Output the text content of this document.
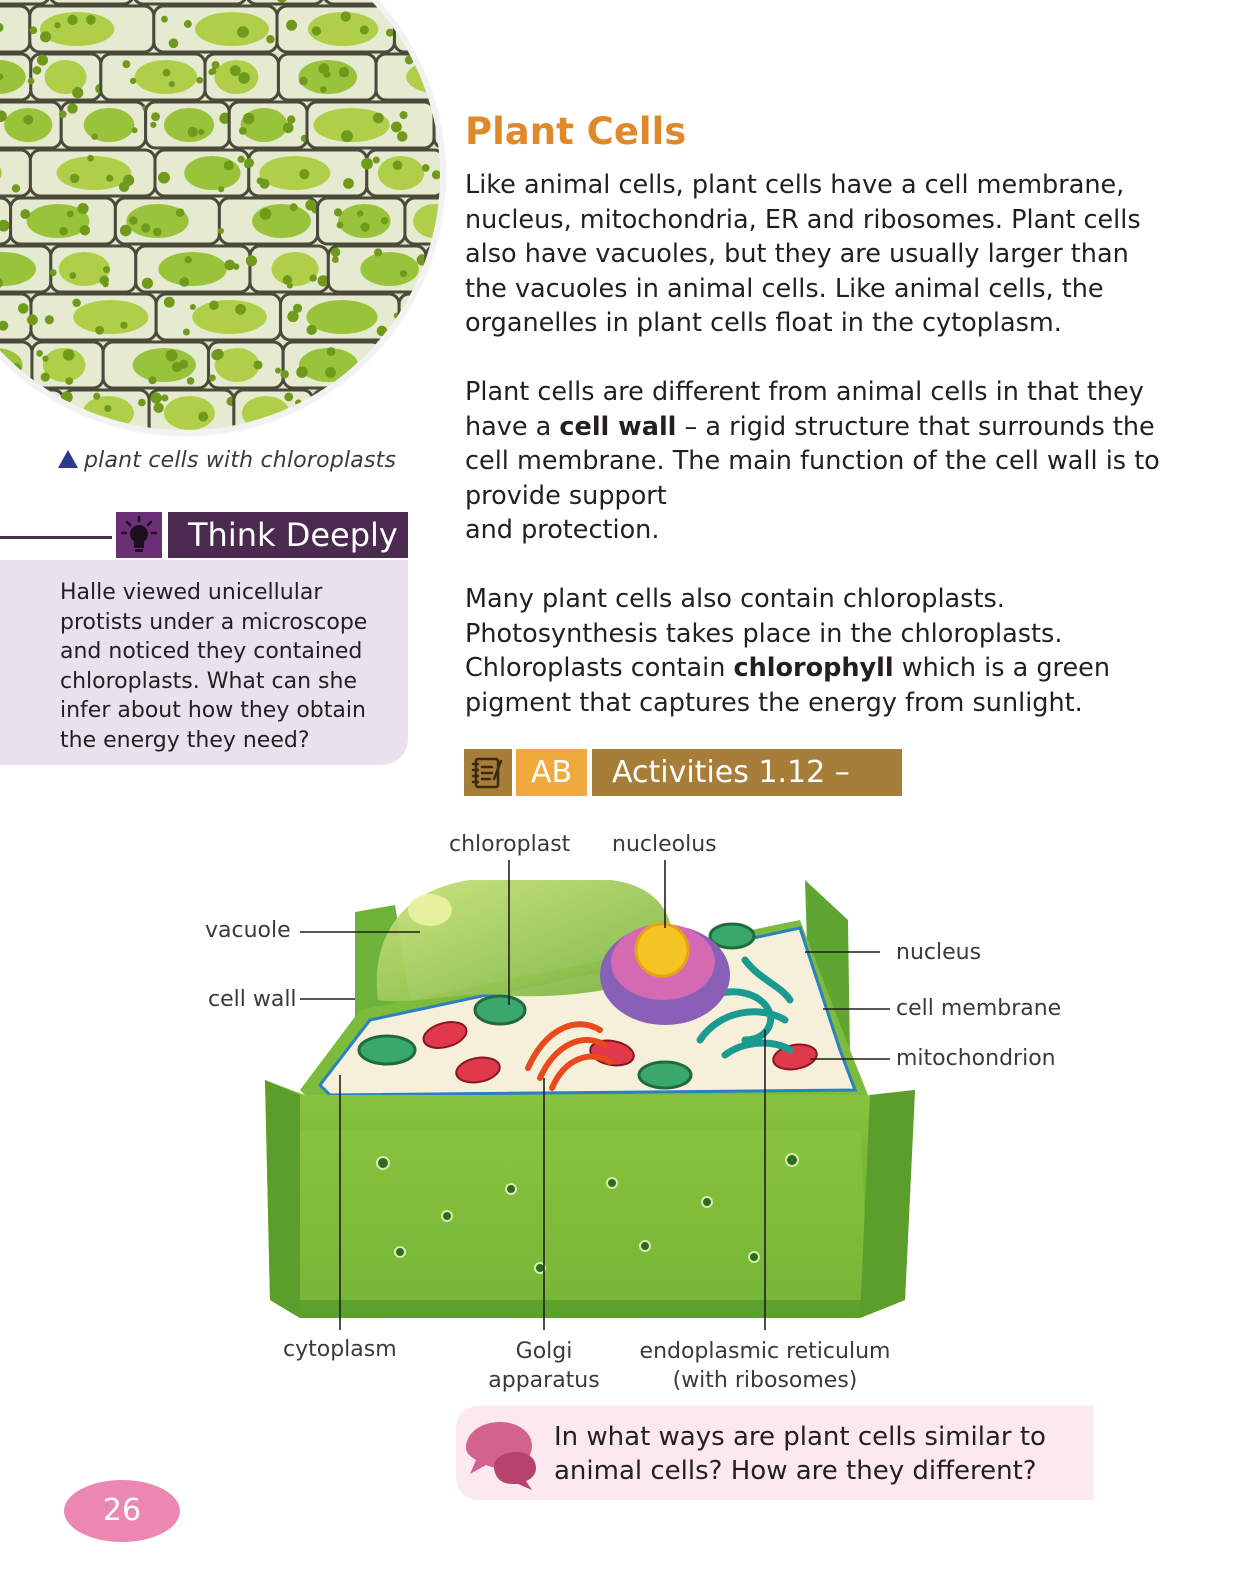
plant cells with chloroplasts
Think Deeply
Halle viewed unicellular protists under a microscope and noticed they contained chloroplasts. What can she infer about how they obtain the energy they need?
Plant Cells
Like animal cells, plant cells have a cell membrane, nucleus, mitochondria, ER and ribosomes. Plant cells also have vacuoles, but they are usually larger than the vacuoles in animal cells. Like animal cells, the organelles in plant cells float in the cytoplasm.
Plant cells are different from animal cells in that they have a cell wall – a rigid structure that surrounds the cell membrane. The main function of the cell wall is to provide support
and protection.
Many plant cells also contain chloroplasts. Photosynthesis takes place in the chloroplasts. Chloroplasts contain chlorophyll which is a green pigment that captures the energy from sunlight.
AB	Activities 1.12 – 1.13
chloroplast nucleolus
vacuole
cell wall
nucleus
cell membrane
mitochondrion
cytoplasm	Golgi
apparatus
endoplasmic reticulum
(with ribosomes)
In what ways are plant cells similar to animal cells? How are they different?
26
